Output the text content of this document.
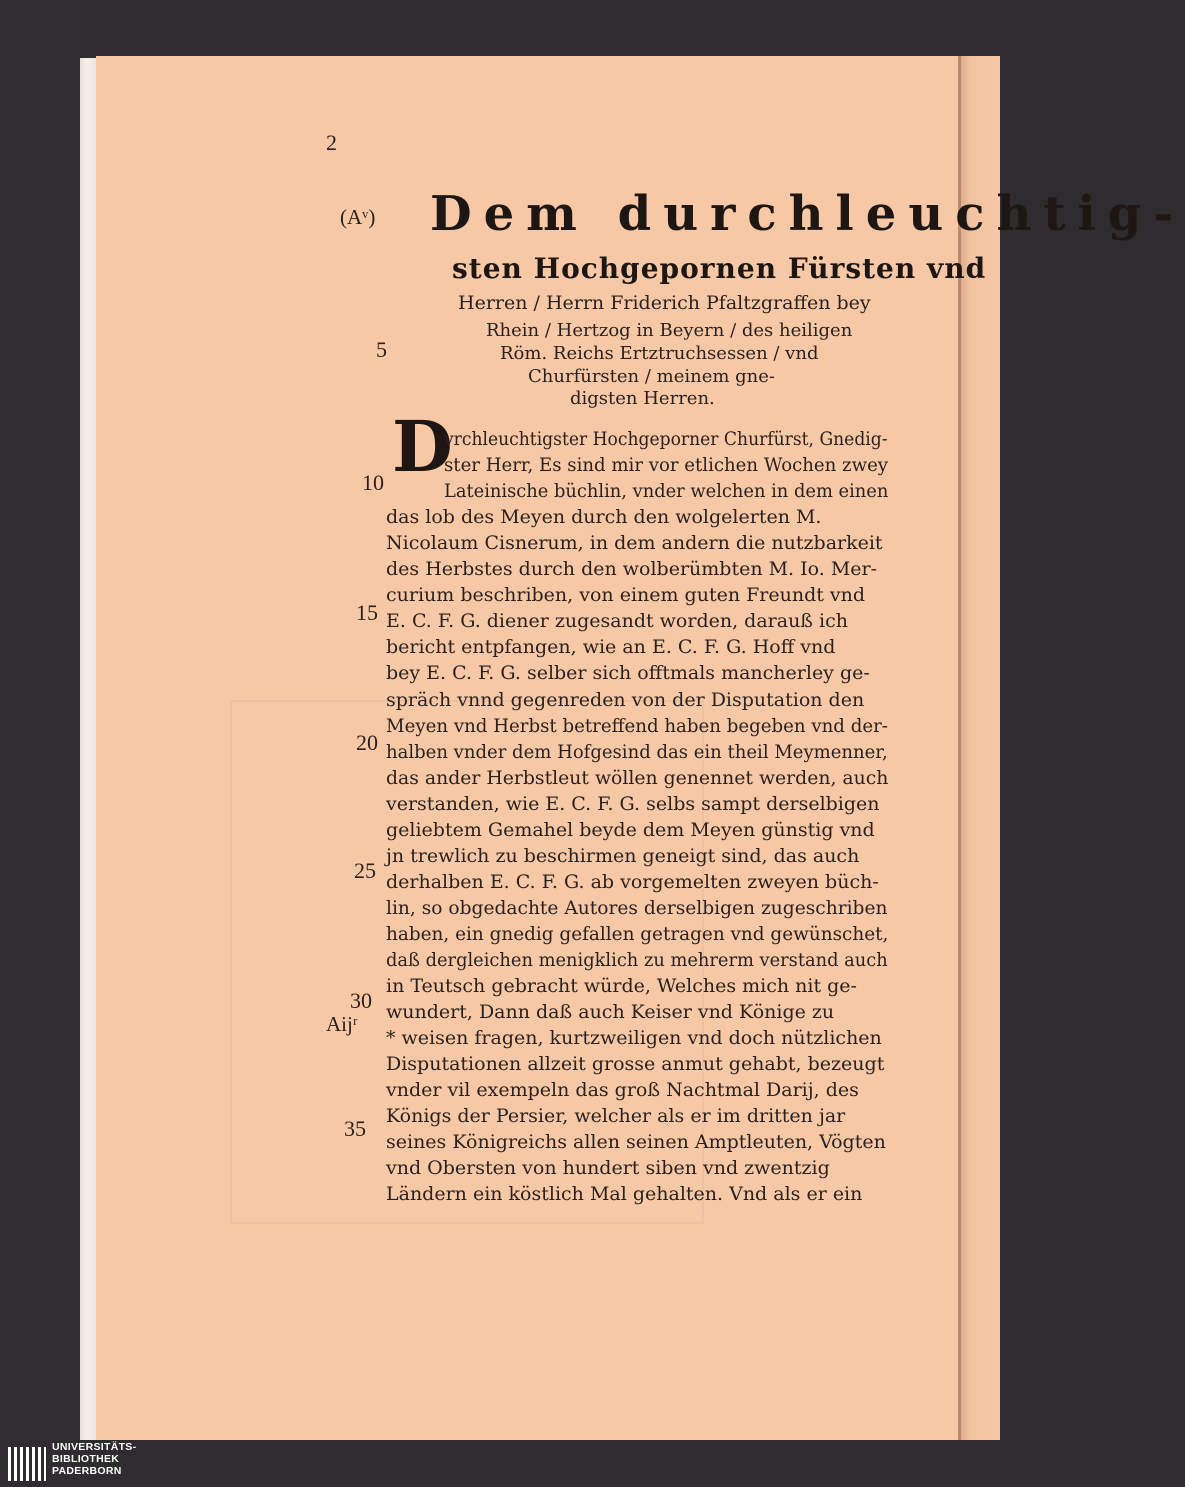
2
(Aᵛ)
Aijʳ
Dem durchleuchtig-
sten Hochgepornen Fürsten vnd
Herren / Herrn Friderich Pfaltzgraffen bey
Rhein / Hertzog in Beyern / des heiligen
Röm. Reichs Ertztruchsessen / vnd
Churfürsten / meinem gne-
digsten Herren.
D
vrchleuchtigster Hochgeporner Churfürst, Gnedig-
ster Herr, Es sind mir vor etlichen Wochen zwey
Lateinische büchlin, vnder welchen in dem einen
das lob des Meyen durch den wolgelerten M.
Nicolaum Cisnerum, in dem andern die nutzbarkeit
des Herbstes durch den wolberümbten M. Io. Mer-
curium beschriben, von einem guten Freundt vnd
E. C. F. G. diener zugesandt worden, darauß ich
bericht entpfangen, wie an E. C. F. G. Hoff vnd
bey E. C. F. G. selber sich offtmals mancherley ge-
spräch vnnd gegenreden von der Disputation den
Meyen vnd Herbst betreffend haben begeben vnd der-
halben vnder dem Hofgesind das ein theil Meymenner,
das ander Herbstleut wöllen genennet werden, auch
verstanden, wie E. C. F. G. selbs sampt derselbigen
geliebtem Gemahel beyde dem Meyen günstig vnd
jn trewlich zu beschirmen geneigt sind, das auch
derhalben E. C. F. G. ab vorgemelten zweyen büch-
lin, so obgedachte Autores derselbigen zugeschriben
haben, ein gnedig gefallen getragen vnd gewünschet,
daß dergleichen menigklich zu mehrerm verstand auch
in Teutsch gebracht würde, Welches mich nit ge-
wundert, Dann daß auch Keiser vnd Könige zu
* weisen fragen, kurtzweiligen vnd doch nützlichen
Disputationen allzeit grosse anmut gehabt, bezeugt
vnder vil exempeln das groß Nachtmal Darij, des
Königs der Persier, welcher als er im dritten jar
seines Königreichs allen seinen Amptleuten, Vögten
vnd Obersten von hundert siben vnd zwentzig
Ländern ein köstlich Mal gehalten. Vnd als er ein
5
10
15
20
25
30
35
UNIVERSITÄTS-
BIBLIOTHEK
PADERBORN
